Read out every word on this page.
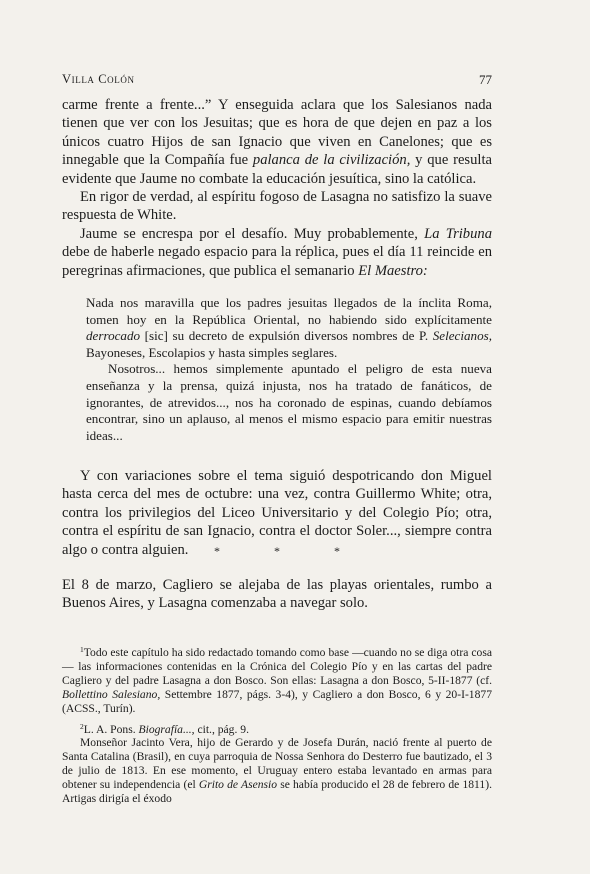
Villa Colón	77

carme frente a frente...” Y enseguida aclara que los Salesianos nada tienen que ver con los Jesuitas; que es hora de que dejen en paz a los únicos cuatro Hijos de san Ignacio que viven en Canelones; que es innegable que la Compañía fue palanca de la civilización, y que resulta evidente que Jaume no combate la educación jesuítica, sino la católica.

En rigor de verdad, al espíritu fogoso de Lasagna no satisfizo la suave respuesta de White.

Jaume se encrespa por el desafío. Muy probablemente, La Tribuna debe de haberle negado espacio para la réplica, pues el día 11 reincide en peregrinas afirmaciones, que publica el semanario El Maestro:

Nada nos maravilla que los padres jesuitas llegados de la ínclita Roma, tomen hoy en la República Oriental, no habiendo sido explícitamente derrocado [sic] su decreto de expulsión diversos nombres de P. Selecianos, Bayoneses, Escolapios y hasta simples seglares.

Nosotros... hemos simplemente apuntado el peligro de esta nueva enseñanza y la prensa, quizá injusta, nos ha tratado de fanáticos, de ignorantes, de atrevidos..., nos ha coronado de espinas, cuando debíamos encontrar, sino un aplauso, al menos el mismo espacio para emitir nuestras ideas...

Y con variaciones sobre el tema siguió despotricando don Miguel hasta cerca del mes de octubre: una vez, contra Guillermo White; otra, contra los privilegios del Liceo Universitario y del Colegio Pío; otra, contra el espíritu de san Ignacio, contra el doctor Soler..., siempre contra algo o contra alguien.	*	*	*

El 8 de marzo, Cagliero se alejaba de las playas orientales, rumbo a Buenos Aires, y Lasagna comenzaba a navegar solo.

$^1$Todo este capítulo ha sido redactado tomando como base —cuando no se diga otra cosa— las informaciones contenidas en la Crónica del Colegio Pío y en las cartas del padre Cagliero y del padre Lasagna a don Bosco. Son ellas: Lasagna a don Bosco, 5-II-1877 (cf. Bollettino Salesiano, Settembre 1877, págs. 3-4), y Cagliero a don Bosco, 6 y 20-I-1877 (ACSS., Turín).

$^2$L. A. Pons. Biografía..., cit., pág. 9.

Monseñor Jacinto Vera, hijo de Gerardo y de Josefa Durán, nació frente al puerto de Santa Catalina (Brasil), en cuya parroquia de Nossa Senhora do Desterro fue bautizado, el 3 de julio de 1813. En ese momento, el Uruguay entero estaba levantado en armas para obtener su independencia (el Grito de Asensio se había producido el 28 de febrero de 1811). Artigas dirigía el éxodo
